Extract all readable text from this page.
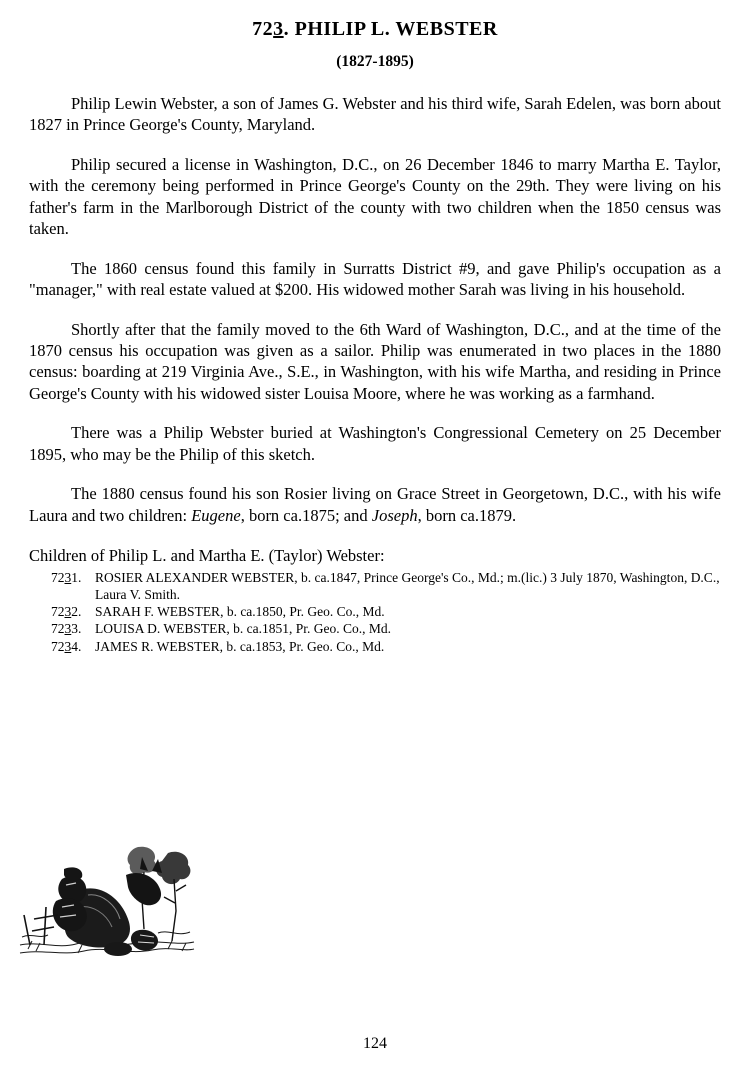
723. PHILIP L. WEBSTER
(1827-1895)

Philip Lewin Webster, a son of James G. Webster and his third wife, Sarah Edelen, was born about 1827 in Prince George's County, Maryland.

Philip secured a license in Washington, D.C., on 26 December 1846 to marry Martha E. Taylor, with the ceremony being performed in Prince George's County on the 29th. They were living on his father's farm in the Marlborough District of the county with two children when the 1850 census was taken.

The 1860 census found this family in Surratts District #9, and gave Philip's occupation as a "manager," with real estate valued at $200. His widowed mother Sarah was living in his household.

Shortly after that the family moved to the 6th Ward of Washington, D.C., and at the time of the 1870 census his occupation was given as a sailor. Philip was enumerated in two places in the 1880 census: boarding at 219 Virginia Ave., S.E., in Washington, with his wife Martha, and residing in Prince George's County with his widowed sister Louisa Moore, where he was working as a farmhand.

There was a Philip Webster buried at Washington's Congressional Cemetery on 25 December 1895, who may be the Philip of this sketch.

The 1880 census found his son Rosier living on Grace Street in Georgetown, D.C., with his wife Laura and two children: Eugene, born ca.1875; and Joseph, born ca.1879.

Children of Philip L. and Martha E. (Taylor) Webster:

7231. ROSIER ALEXANDER WEBSTER, b. ca.1847, Prince George's Co., Md.; m.(lic.) 3 July 1870, Washington, D.C., Laura V. Smith.
7232. SARAH F. WEBSTER, b. ca.1850, Pr. Geo. Co., Md.
7233. LOUISA D. WEBSTER, b. ca.1851, Pr. Geo. Co., Md.
7234. JAMES R. WEBSTER, b. ca.1853, Pr. Geo. Co., Md.
124
